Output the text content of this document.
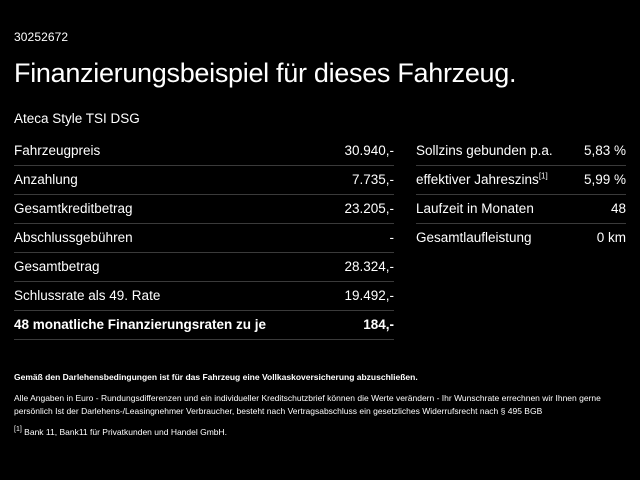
30252672
Finanzierungsbeispiel für dieses Fahrzeug.
Ateca Style TSI DSG
Fahrzeugpreis	30.940,-
Anzahlung	7.735,-
Gesamtkreditbetrag	23.205,-
Abschlussgebühren	-
Gesamtbetrag	28.324,-
Schlussrate als 49. Rate	19.492,-
48 monatliche Finanzierungsraten zu je	184,-
Sollzins gebunden p.a. 5,83 %
effektiver Jahreszins[1]	5,99 %
Laufzeit in Monaten	48
Gesamtlaufleistung	0 km
Gemäß den Darlehensbedingungen ist für das Fahrzeug eine Vollkaskoversicherung abzuschließen.
Alle Angaben in Euro - Rundungsdifferenzen und ein individueller Kreditschutzbrief können die Werte verändern - Ihr Wunschrate errechnen wir Ihnen gerne persönlich Ist der Darlehens-/Leasingnehmer Verbraucher, besteht nach Vertragsabschluss ein gesetzliches Widerrufsrecht nach § 495 BGB
[1] Bank 11, Bank11 für Privatkunden und Handel GmbH.
